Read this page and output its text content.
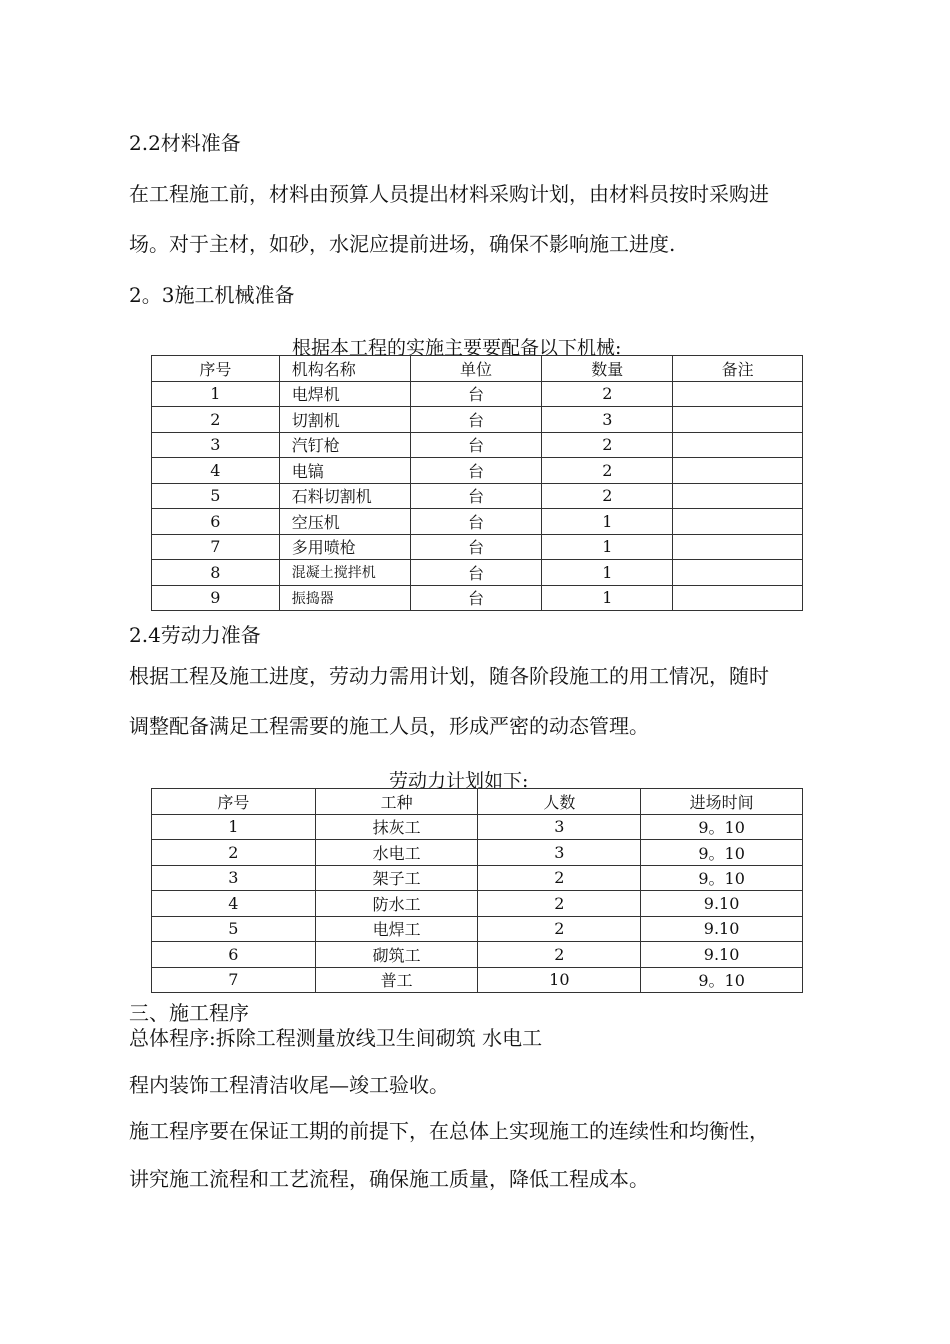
2.2材料准备
在工程施工前，材料由预算人员提出材料采购计划，由材料员按时采购进
场。对于主材，如砂，水泥应提前进场，确保不影响施工进度.
2。3施工机械准备
根据本工程的实施主要要配备以下机械:
序号	机构名称	单位	数量	备注
1	电焊机	台	2	
2	切割机	台	3	
3	汽钉枪	台	2	
4	电镐	台	2	
5	石料切割机	台	2	
6	空压机	台	1	
7	多用喷枪	台	1	
8	混凝土搅拌机	台	1	
9	振捣器	台	1	
2.4劳动力准备
根据工程及施工进度，劳动力需用计划，随各阶段施工的用工情况，随时
调整配备满足工程需要的施工人员，形成严密的动态管理。
劳动力计划如下:
序号	工种	人数	进场时间
1	抹灰工	3	9。10
2	水电工	3	9。10
3	架子工	2	9。10
4	防水工	2	9.10
5	电焊工	2	9.10
6	砌筑工	2	9.10
7	普工	10	9。10
三、施工程序
总体程序:拆除工程测量放线卫生间砌筑 水电工
程内装饰工程清洁收尾—竣工验收。
施工程序要在保证工期的前提下，在总体上实现施工的连续性和均衡性，
讲究施工流程和工艺流程，确保施工质量，降低工程成本。
